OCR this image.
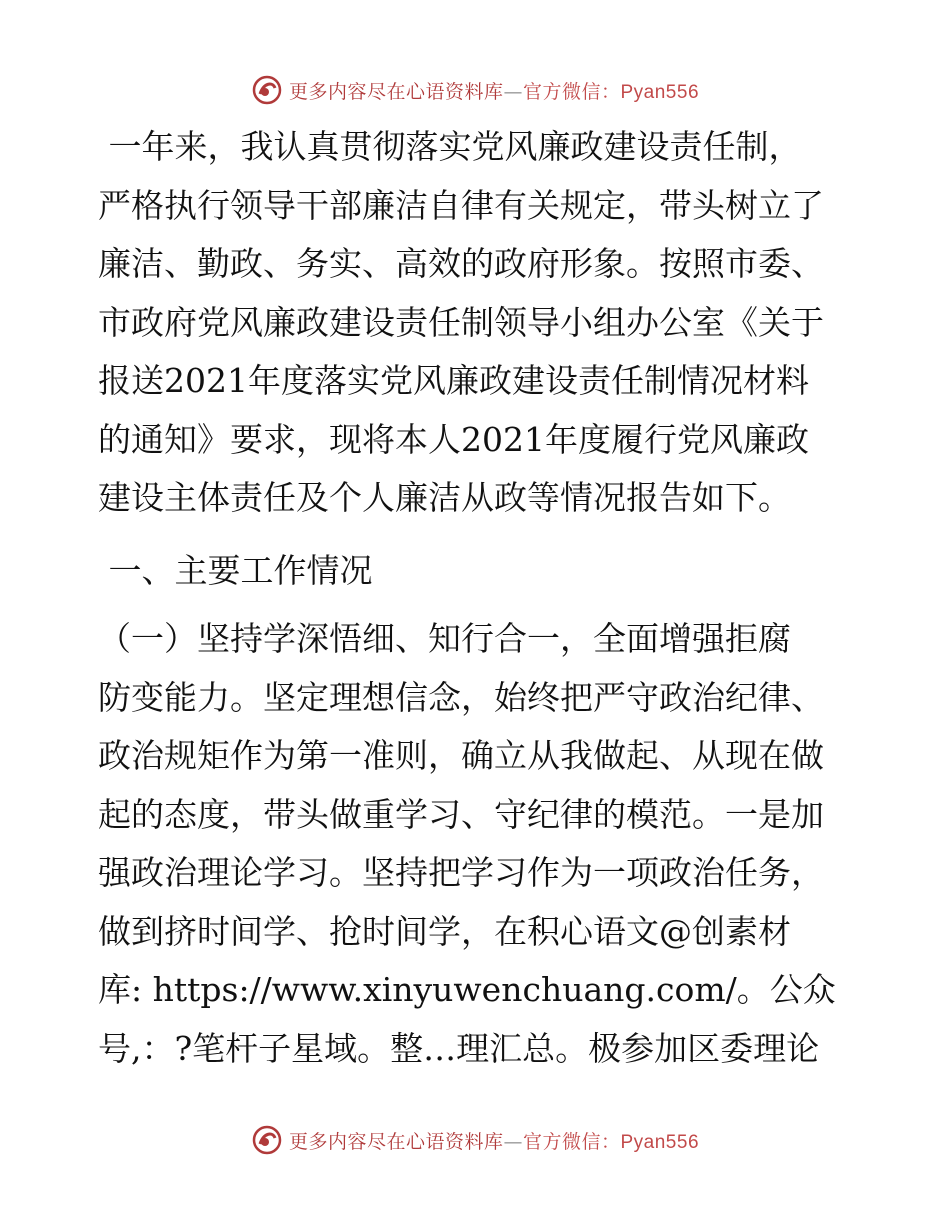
更多内容尽在心语资料库—官方微信：Pyan556
一年来，我认真贯彻落实党风廉政建设责任制，
严格执行领导干部廉洁自律有关规定，带头树立了
廉洁、勤政、务实、高效的政府形象。按照市委、
市政府党风廉政建设责任制领导小组办公室《关于
报送2021年度落实党风廉政建设责任制情况材料
的通知》要求，现将本人2021年度履行党风廉政
建设主体责任及个人廉洁从政等情况报告如下。
一、主要工作情况
（一）坚持学深悟细、知行合一，全面增强拒腐
防变能力。坚定理想信念，始终把严守政治纪律、
政治规矩作为第一准则，确立从我做起、从现在做
起的态度，带头做重学习、守纪律的模范。一是加
强政治理论学习。坚持把学习作为一项政治任务，
做到挤时间学、抢时间学，在积心语文@创素材
库: https://www.xinyuwenchuang.com/。公众
号,：?笔杆子星域。整…理汇总。极参加区委理论
更多内容尽在心语资料库—官方微信：Pyan556
